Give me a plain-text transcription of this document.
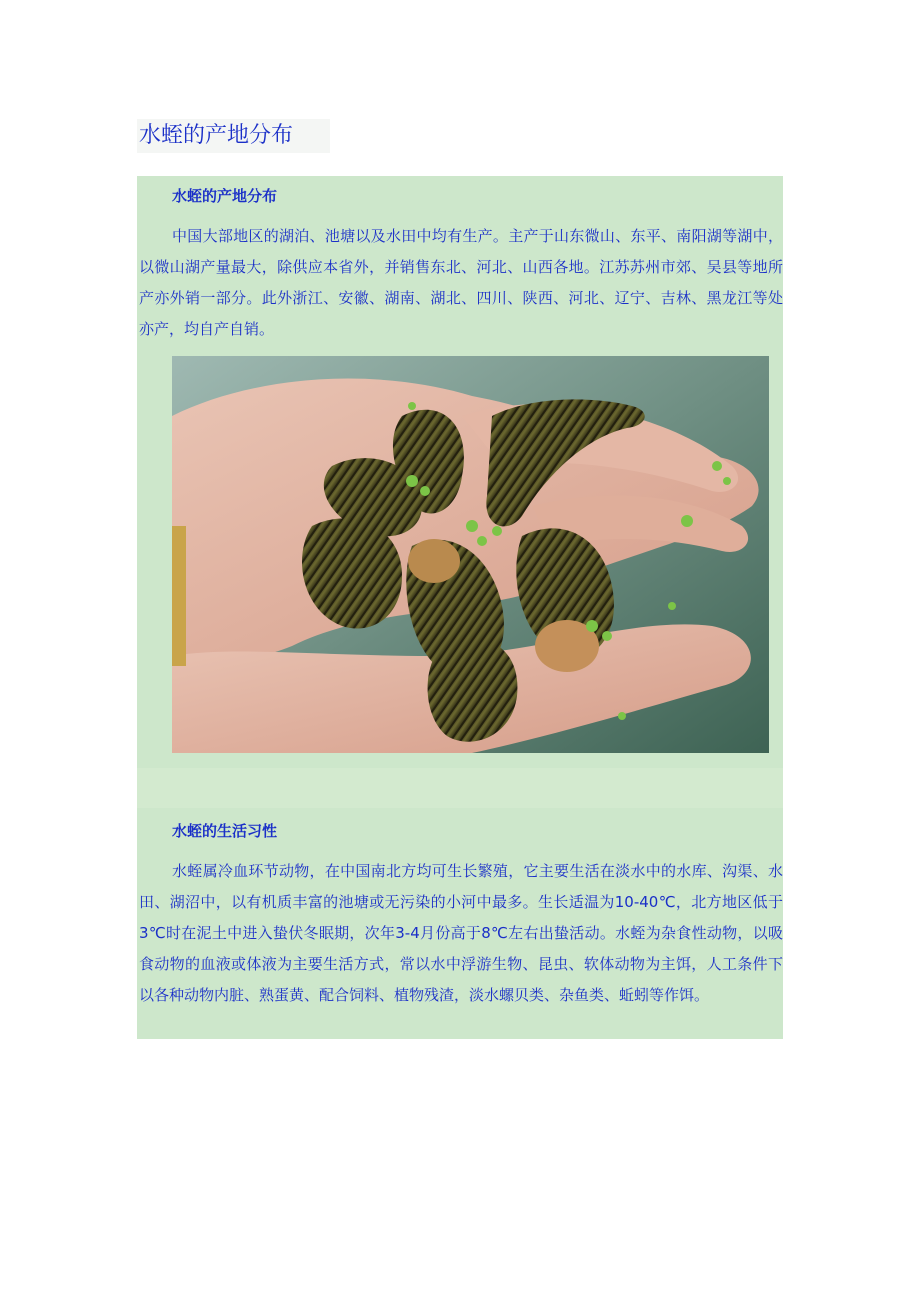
水蛭的产地分布
水蛭的产地分布

中国大部地区的湖泊、池塘以及水田中均有生产。主产于山东微山、东平、南阳湖等湖中，以微山湖产量最大，除供应本省外，并销售东北、河北、山西各地。江苏苏州市郊、吴县等地所产亦外销一部分。此外浙江、安徽、湖南、湖北、四川、陕西、河北、辽宁、吉林、黑龙江等处亦产，均自产自销。

水蛭的生活习性

水蛭属冷血环节动物，在中国南北方均可生长繁殖，它主要生活在淡水中的水库、沟渠、水田、湖沼中，以有机质丰富的池塘或无污染的小河中最多。生长适温为10-40℃，北方地区低于3℃时在泥土中进入蛰伏冬眠期，次年3-4月份高于8℃左右出蛰活动。水蛭为杂食性动物，以吸食动物的血液或体液为主要生活方式，常以水中浮游生物、昆虫、软体动物为主饵，人工条件下以各种动物内脏、熟蛋黄、配合饲料、植物残渣，淡水螺贝类、杂鱼类、蚯蚓等作饵。
